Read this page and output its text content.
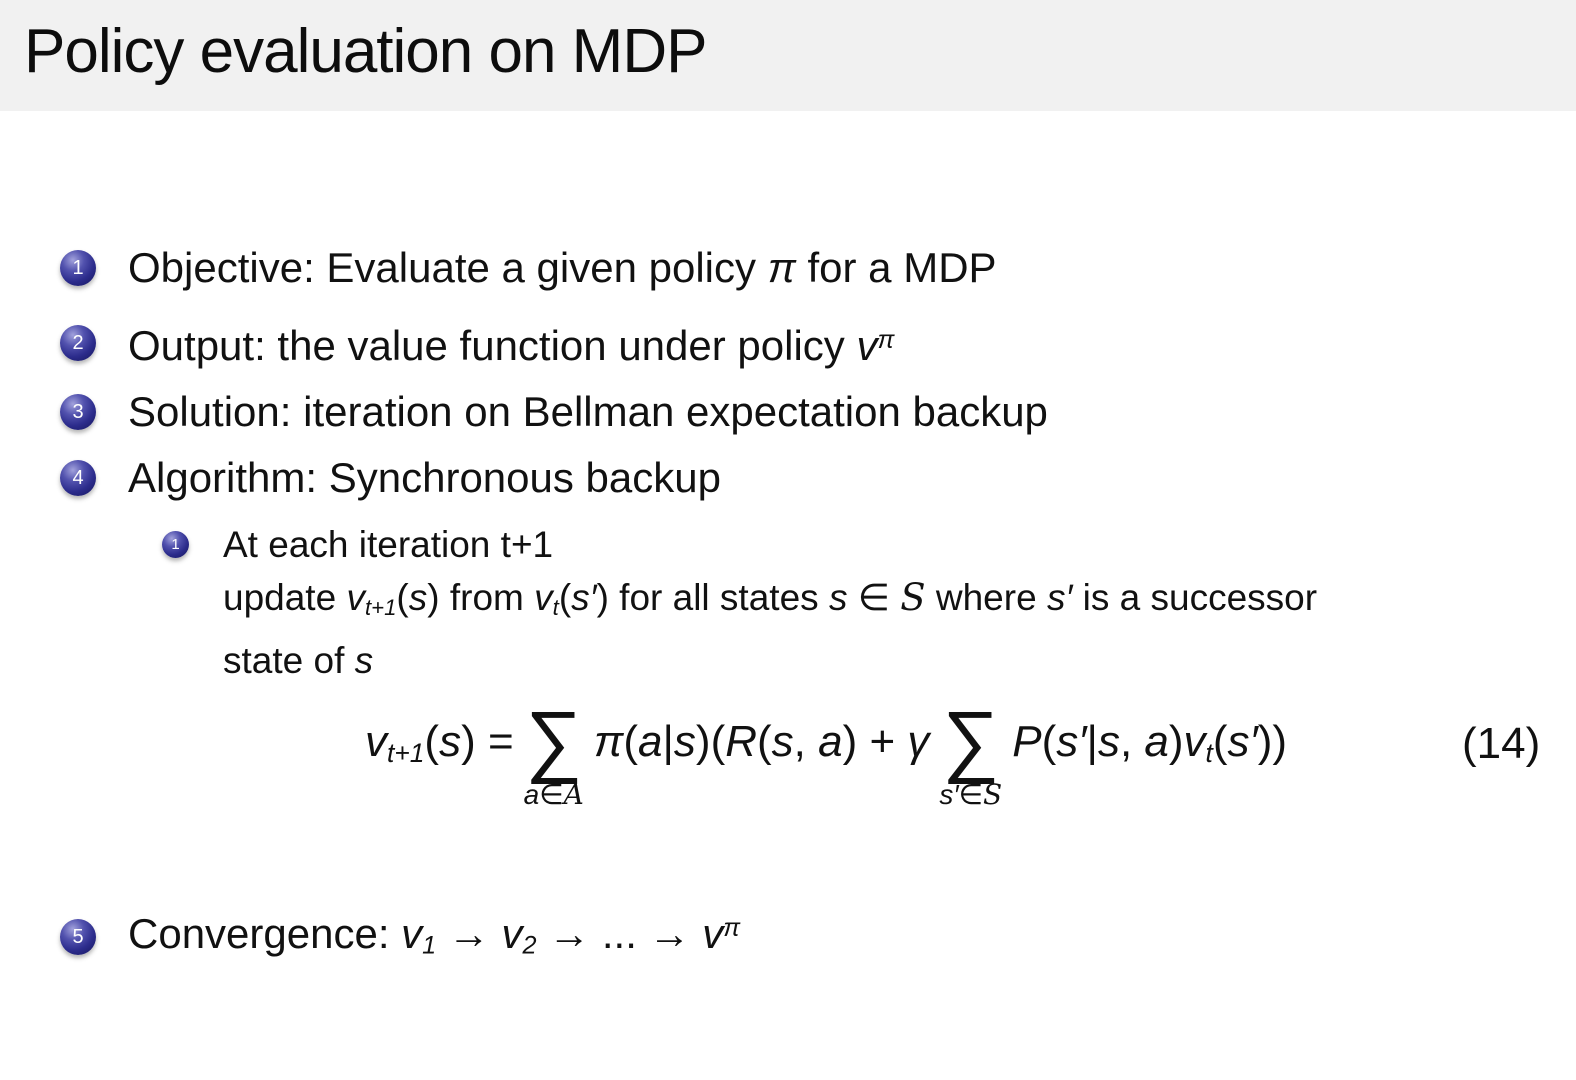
Policy evaluation on MDP
1 Objective: Evaluate a given policy π for a MDP
2 Output: the value function under policy $v^\pi$
3 Solution: iteration on Bellman expectation backup
4 Algorithm: Synchronous backup
1 At each iteration t+1
update vt+1(s) from vt(s′) for all states s ∈ S where s′ is a successor
state of s
vt+1(s) = ∑
a∈A
π(a|s)(R(s, a) + γ ∑
s′∈S
P(s′|s, a)vt(s′))	(14)
5 Convergence: v1 → v2 → ... → $v^\pi$
